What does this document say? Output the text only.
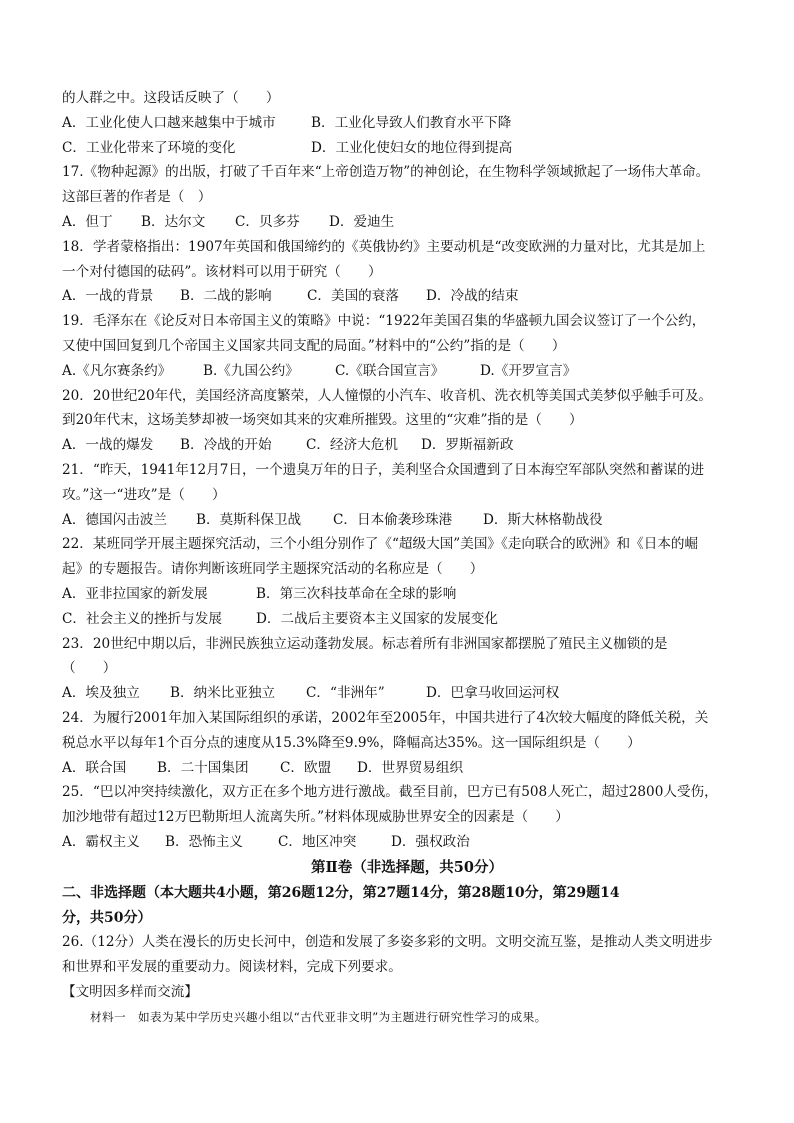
的人群之中。这段话反映了（　　）
A．工业化使人口越来越集中于城市	B．工业化导致人们教育水平下降
C．工业化带来了环境的变化	D．工业化使妇女的地位得到提高
17.《物种起源》的出版，打破了千百年来“上帝创造万物”的神创论，在生物科学领域掀起了一场伟大革命。
这部巨著的作者是（　）
A．但丁	B．达尔文	C．贝多芬	D．爱迪生
18．学者蒙格指出：1907年英国和俄国缔约的《英俄协约》主要动机是“改变欧洲的力量对比，尤其是加上
一个对付德国的砝码”。该材料可以用于研究（　　）
A．一战的背景	B．二战的影响	C．美国的衰落	D．冷战的结束
19．毛泽东在《论反对日本帝国主义的策略》中说：“1922年美国召集的华盛顿九国会议签订了一个公约，
又使中国回复到几个帝国主义国家共同支配的局面。”材料中的“公约”指的是（　　）
A.《凡尔赛条约》	B.《九国公约》	C.《联合国宣言》	D.《开罗宣言》
20．20世纪20年代，美国经济高度繁荣，人人憧憬的小汽车、收音机、洗衣机等美国式美梦似乎触手可及。
到20年代末，这场美梦却被一场突如其来的灾难所摧毁。这里的“灾难”指的是（　　）
A．一战的爆发	B．冷战的开始	C．经济大危机	D．罗斯福新政
21．“昨天，1941年12月7日，一个遗臭万年的日子，美利坚合众国遭到了日本海空军部队突然和蓄谋的进
攻。”这一“进攻”是（　　）
A．德国闪击波兰	B．莫斯科保卫战	C．日本偷袭珍珠港	D．斯大林格勒战役
22．某班同学开展主题探究活动，三个小组分别作了《“超级大国”美国》《走向联合的欧洲》和《日本的崛
起》的专题报告。请你判断该班同学主题探究活动的名称应是（　　）
A．亚非拉国家的新发展	B．第三次科技革命在全球的影响
C．社会主义的挫折与发展	D．二战后主要资本主义国家的发展变化
23．20世纪中期以后，非洲民族独立运动蓬勃发展。标志着所有非洲国家都摆脱了殖民主义枷锁的是
（　　）
A．埃及独立	B．纳米比亚独立	C．“非洲年”	D．巴拿马收回运河权
24．为履行2001年加入某国际组织的承诺，2002年至2005年，中国共进行了4次较大幅度的降低关税，关
税总水平以每年1个百分点的速度从15.3%降至9.9%，降幅高达35%。这一国际组织是（　　）
A．联合国	B．二十国集团	C．欧盟	D．世界贸易组织
25．“巴以冲突持续激化，双方正在多个地方进行激战。截至目前，巴方已有508人死亡，超过2800人受伤，
加沙地带有超过12万巴勒斯坦人流离失所。”材料体现威胁世界安全的因素是（　　）
A．霸权主义	B．恐怖主义	C．地区冲突	D．强权政治
第Ⅱ卷（非选择题，共50分）
二、非选择题（本大题共4小题，第26题12分，第27题14分，第28题10分，第29题14
分，共50分）
26.（12分）人类在漫长的历史长河中，创造和发展了多姿多彩的文明。文明交流互鉴，是推动人类文明进步
和世界和平发展的重要动力。阅读材料，完成下列要求。
【文明因多样而交流】
材料一　如表为某中学历史兴趣小组以“古代亚非文明”为主题进行研究性学习的成果。
